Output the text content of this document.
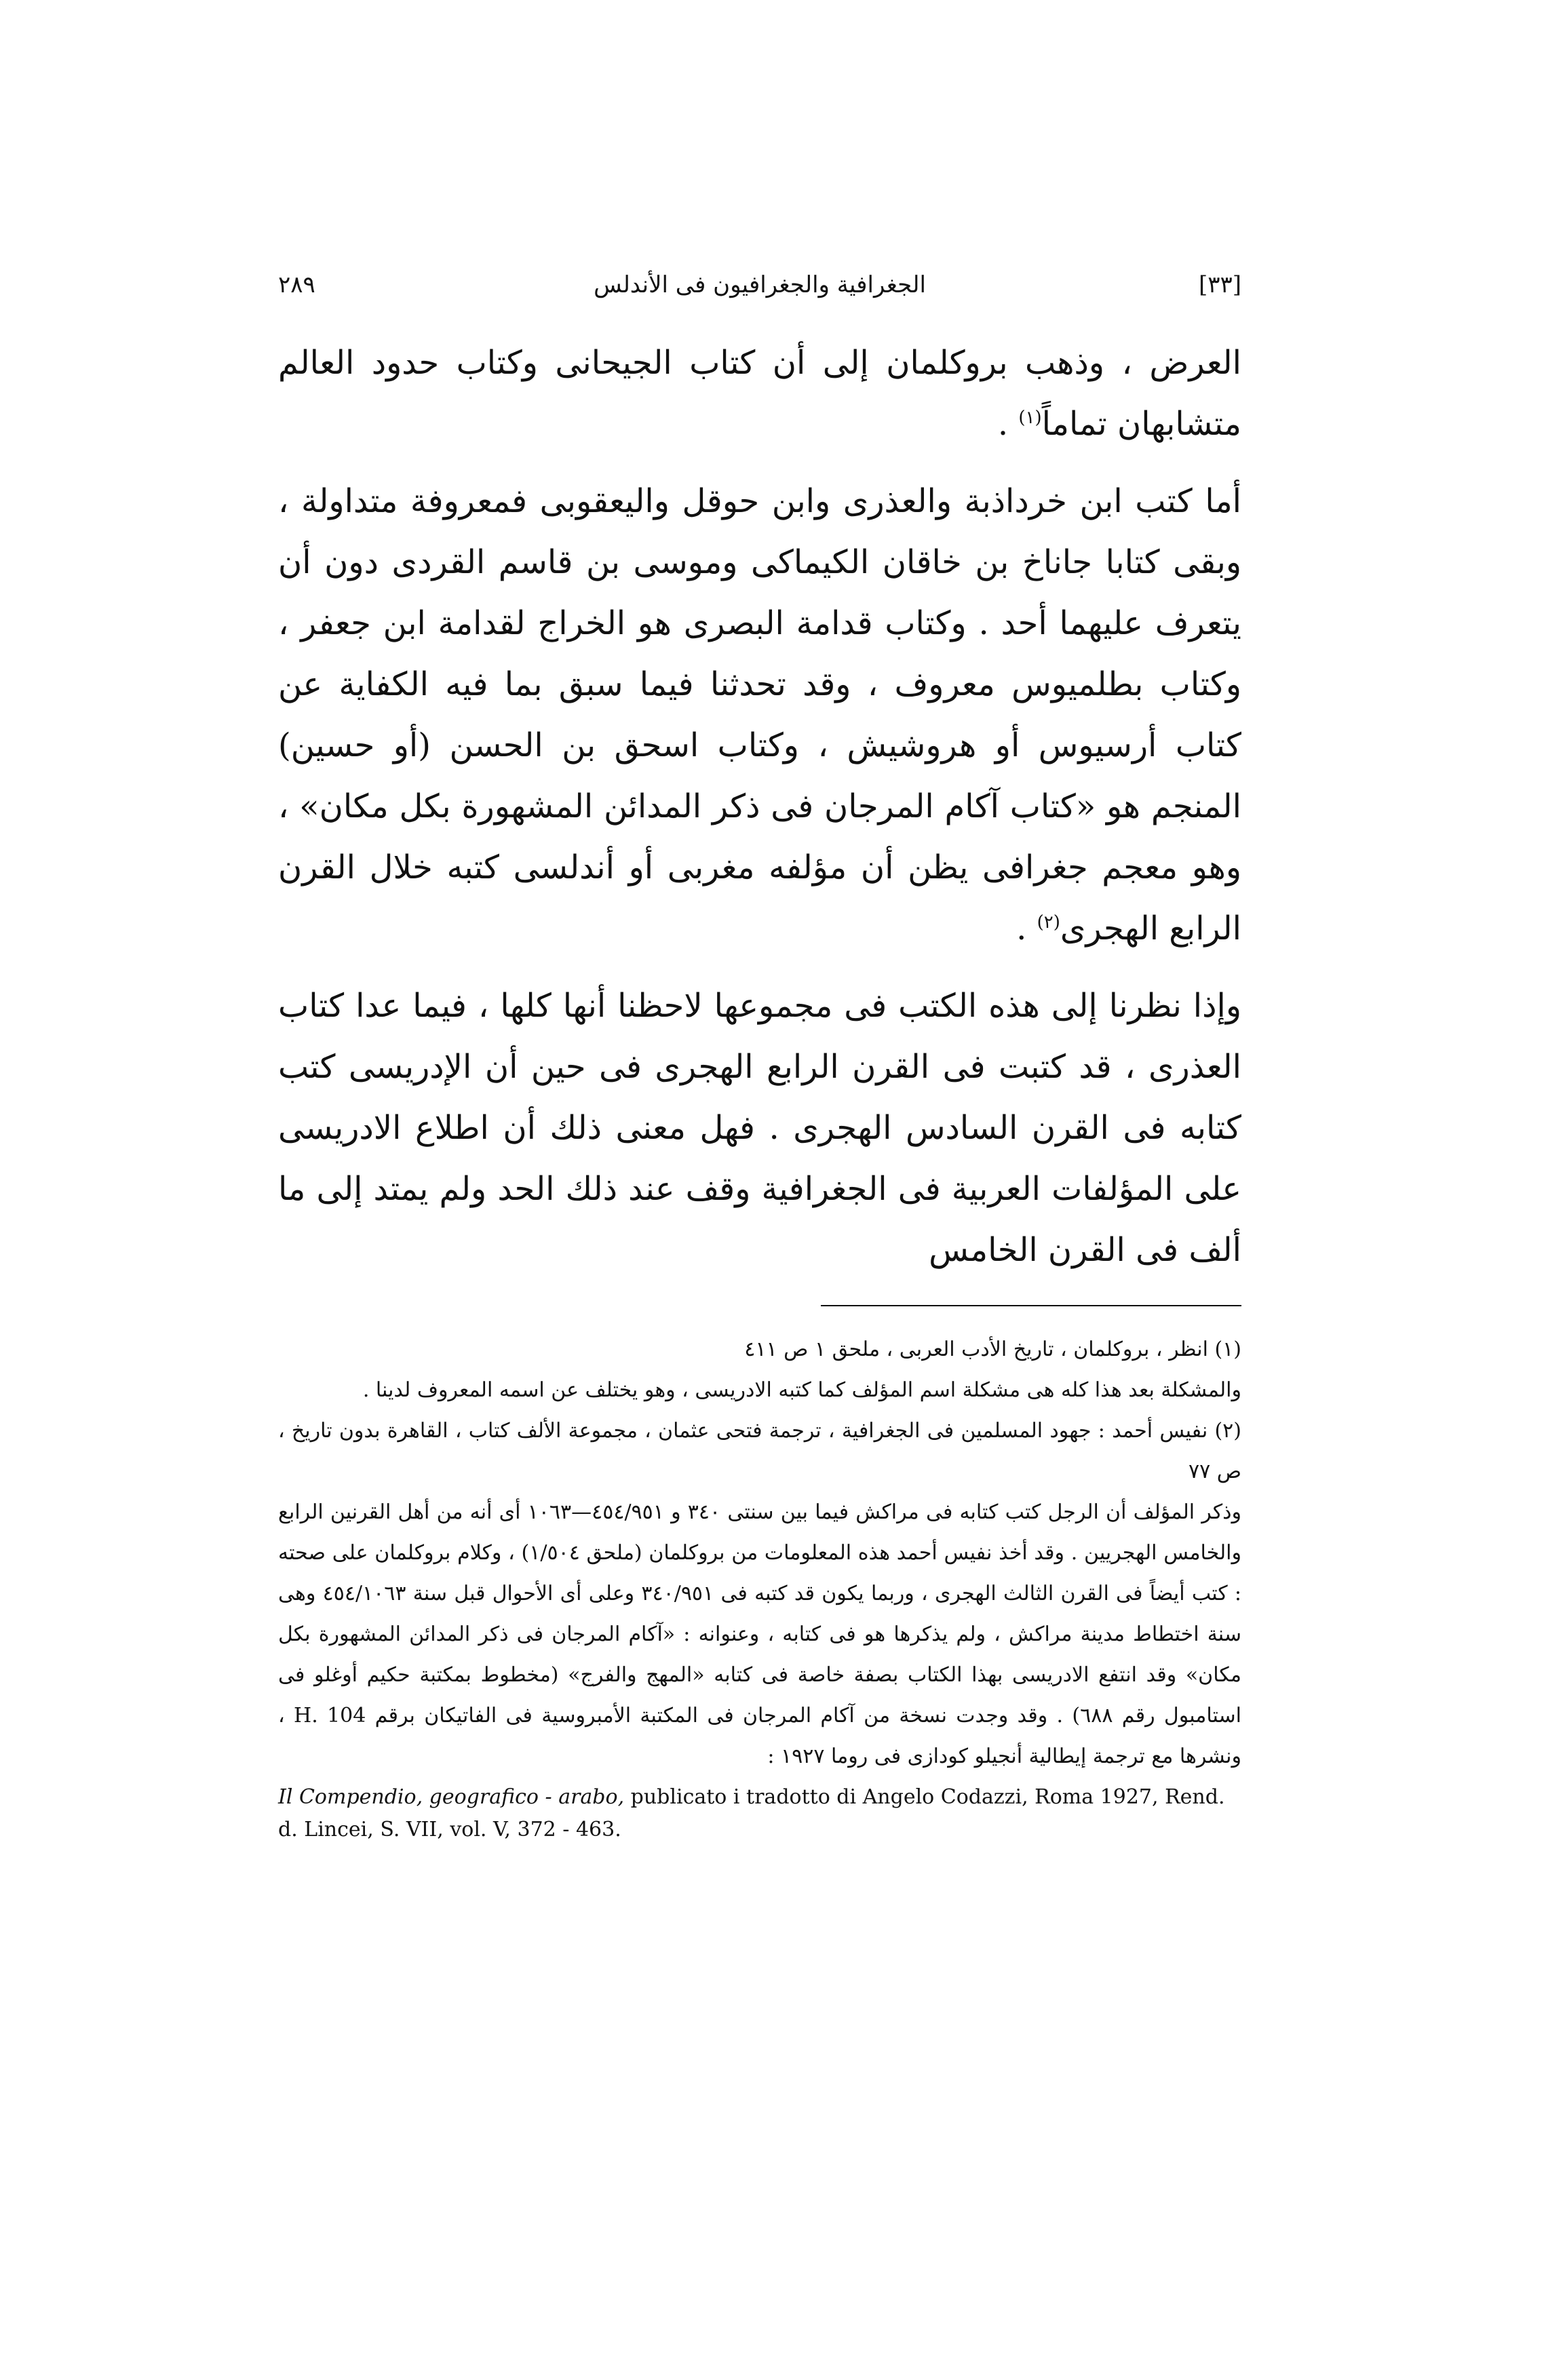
[٣٣]
الجغرافية والجغرافيون فى الأندلس
٢٨٩

العرض ، وذهب بروكلمان إلى أن كتاب الجيحانى وكتاب حدود العالم متشابهان تماماً$^{(١)}$ .

أما كتب ابن خرداذبة والعذرى وابن حوقل واليعقوبى فمعروفة متداولة ، وبقى كتابا جاناخ بن خاقان الكيماكى وموسى بن قاسم القردى دون أن يتعرف عليهما أحد . وكتاب قدامة البصرى هو الخراج لقدامة ابن جعفر ، وكتاب بطلميوس معروف ، وقد تحدثنا فيما سبق بما فيه الكفاية عن كتاب أرسيوس أو هروشيش ، وكتاب اسحق بن الحسن (أو حسين) المنجم هو «كتاب آكام المرجان فى ذكر المدائن المشهورة بكل مكان» ، وهو معجم جغرافى يظن أن مؤلفه مغربى أو أندلسى كتبه خلال القرن الرابع الهجرى$^{(٢)}$ .

وإذا نظرنا إلى هذه الكتب فى مجموعها لاحظنا أنها كلها ، فيما عدا كتاب العذرى ، قد كتبت فى القرن الرابع الهجرى فى حين أن الإدريسى كتب كتابه فى القرن السادس الهجرى . فهل معنى ذلك أن اطلاع الادريسى على المؤلفات العربية فى الجغرافية وقف عند ذلك الحد ولم يمتد إلى ما ألف فى القرن الخامس

(١) انظر ، بروكلمان ، تاريخ الأدب العربى ، ملحق ١ ص ٤١١

والمشكلة بعد هذا كله هى مشكلة اسم المؤلف كما كتبه الادريسى ، وهو يختلف عن اسمه المعروف لدينا .

(٢) نفيس أحمد : جهود المسلمين فى الجغرافية ، ترجمة فتحى عثمان ، مجموعة الألف كتاب ، القاهرة بدون تاريخ ، ص ٧٧

وذكر المؤلف أن الرجل كتب كتابه فى مراكش فيما بين سنتى ٣٤٠ و ٤٥٤/٩٥١—١٠٦٣ أى أنه من أهل القرنين الرابع والخامس الهجريين . وقد أخذ نفيس أحمد هذه المعلومات من بروكلمان (ملحق ١/٥٠٤) ، وكلام بروكلمان على صحته : كتب أيضاً فى القرن الثالث الهجرى ، وربما يكون قد كتبه فى ٣٤٠/٩٥١ وعلى أى الأحوال قبل سنة ٤٥٤/١٠٦٣ وهى سنة اختطاط مدينة مراكش ، ولم يذكرها هو فى كتابه ، وعنوانه : «آكام المرجان فى ذكر المدائن المشهورة بكل مكان» وقد انتفع الادريسى بهذا الكتاب بصفة خاصة فى كتابه «المهج والفرج» (مخطوط بمكتبة حكيم أوغلو فى استامبول رقم ٦٨٨) . وقد وجدت نسخة من آكام المرجان فى المكتبة الأمبروسية فى الفاتيكان برقم H. 104 ، ونشرها مع ترجمة إيطالية أنجيلو كودازى فى روما ١٩٢٧ :

Il Compendio, geografico - arabo, publicato i tradotto di Angelo Codazzi, Roma 1927, Rend. d. Lincei, S. VII, vol. V, 372 - 463.
